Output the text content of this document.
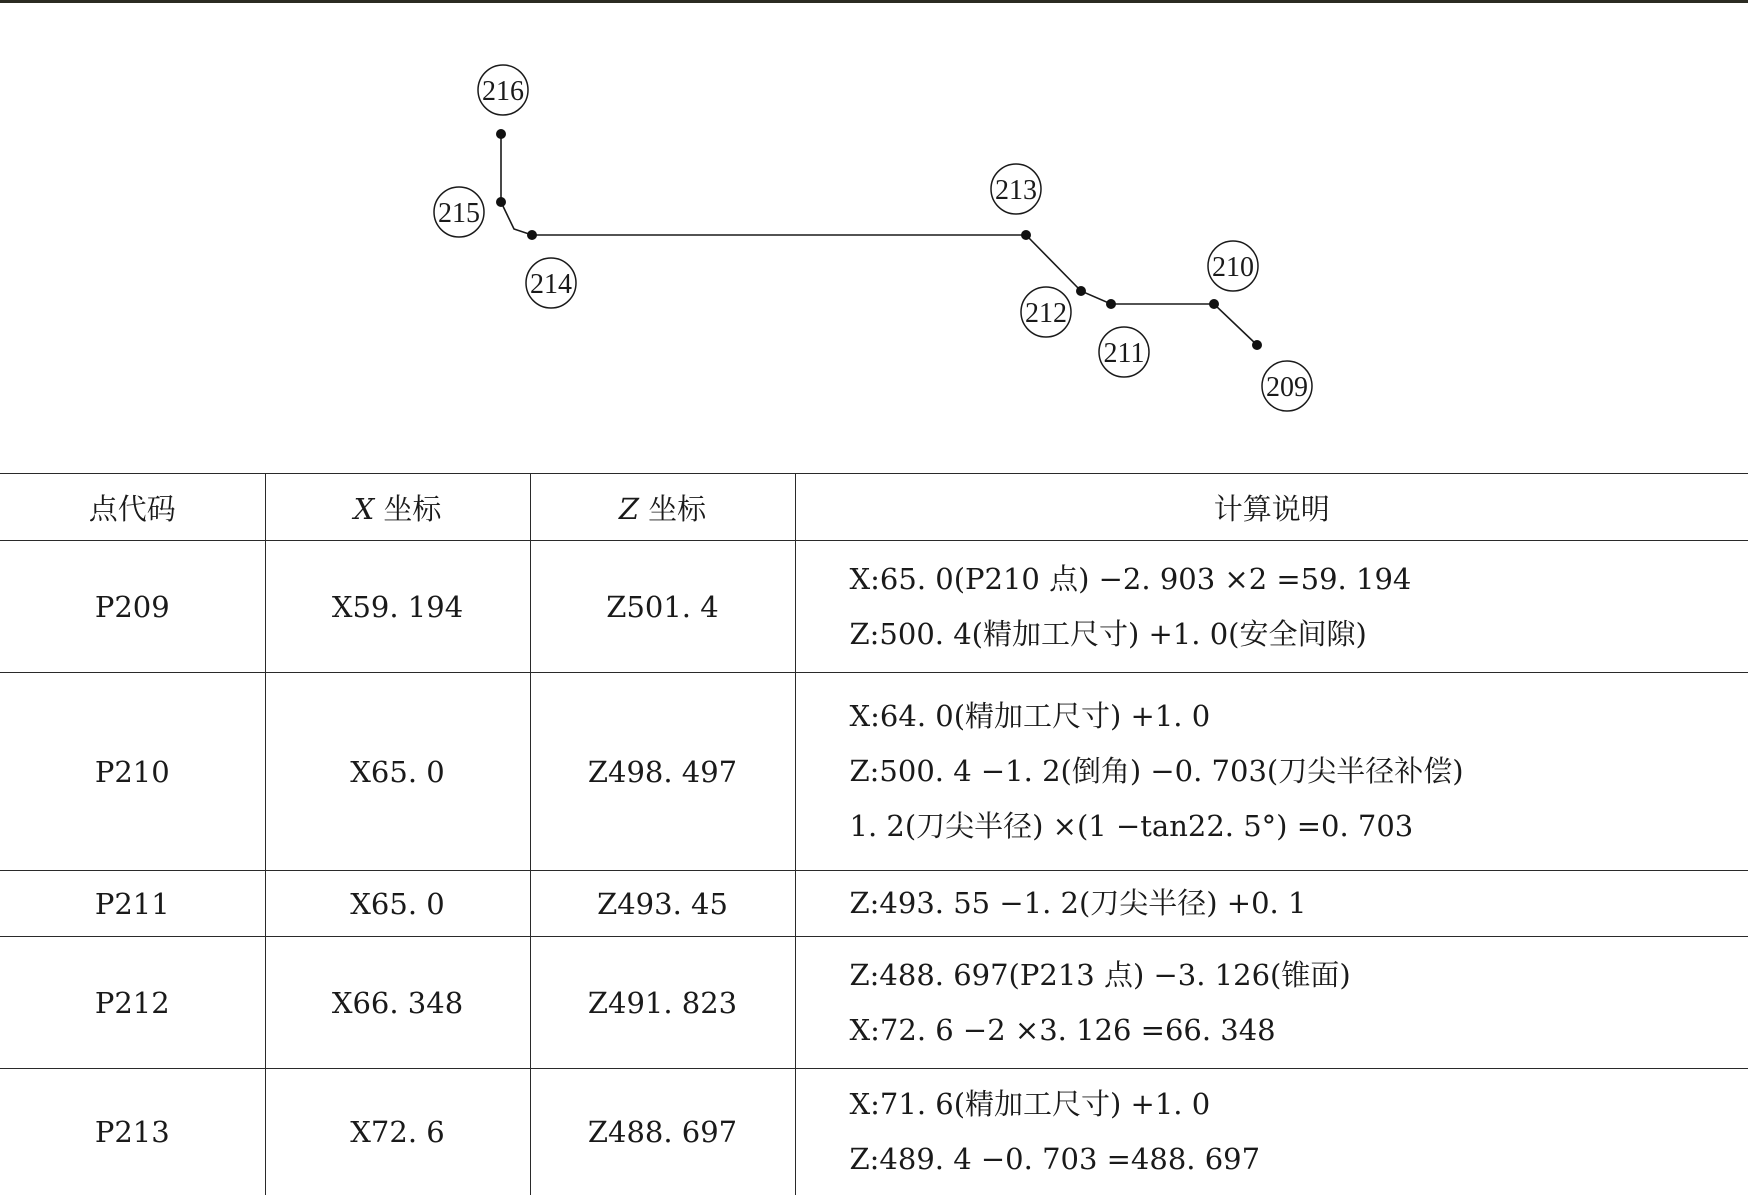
216
215
214
213
212
211
210
209
点代码	X 坐标	Z 坐标	计算说明
P209	X59. 194	Z501. 4	X:65. 0(P210 点) −2. 903 ×2 =59. 194
Z:500. 4(精加工尺寸) +1. 0(安全间隙)

P210	X65. 0	Z498. 497	X:64. 0(精加工尺寸) +1. 0
Z:500. 4 −1. 2(倒角) −0. 703(刀尖半径补偿)
1. 2(刀尖半径) ×(1 −tan22. 5°) =0. 703

P211	X65. 0	Z493. 45	Z:493. 55 −1. 2(刀尖半径) +0. 1

P212	X66. 348	Z491. 823	Z:488. 697(P213 点) −3. 126(锥面)
X:72. 6 −2 ×3. 126 =66. 348

P213	X72. 6	Z488. 697	X:71. 6(精加工尺寸) +1. 0
Z:489. 4 −0. 703 =488. 697
